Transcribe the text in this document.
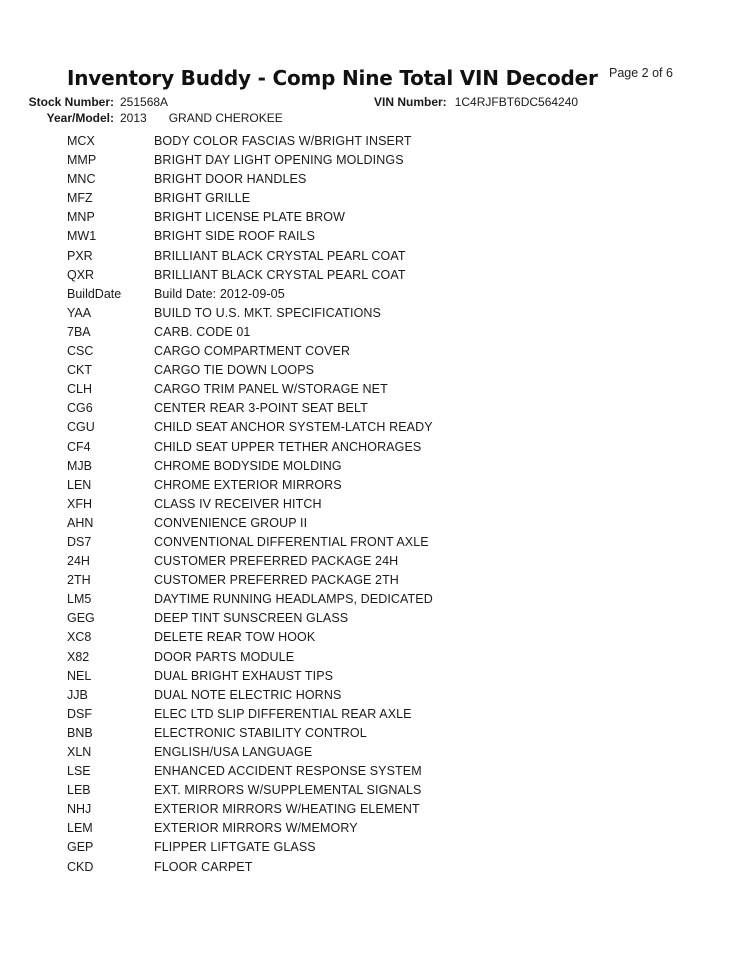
Inventory Buddy - Comp Nine Total VIN Decoder Page 2 of 6
Stock Number: 251568A	VIN Number: 1C4RJFBT6DC564240
Year/Model: 2013 GRAND CHEROKEE
MCX	BODY COLOR FASCIAS W/BRIGHT INSERT
MMP	BRIGHT DAY LIGHT OPENING MOLDINGS
MNC	BRIGHT DOOR HANDLES
MFZ	BRIGHT GRILLE
MNP	BRIGHT LICENSE PLATE BROW
MW1	BRIGHT SIDE ROOF RAILS
PXR	BRILLIANT BLACK CRYSTAL PEARL COAT
QXR	BRILLIANT BLACK CRYSTAL PEARL COAT
BuildDate	Build Date: 2012-09-05
YAA	BUILD TO U.S. MKT. SPECIFICATIONS
7BA	CARB. CODE 01
CSC	CARGO COMPARTMENT COVER
CKT	CARGO TIE DOWN LOOPS
CLH	CARGO TRIM PANEL W/STORAGE NET
CG6	CENTER REAR 3-POINT SEAT BELT
CGU	CHILD SEAT ANCHOR SYSTEM-LATCH READY
CF4	CHILD SEAT UPPER TETHER ANCHORAGES
MJB	CHROME BODYSIDE MOLDING
LEN	CHROME EXTERIOR MIRRORS
XFH	CLASS IV RECEIVER HITCH
AHN	CONVENIENCE GROUP II
DS7	CONVENTIONAL DIFFERENTIAL FRONT AXLE
24H	CUSTOMER PREFERRED PACKAGE 24H
2TH	CUSTOMER PREFERRED PACKAGE 2TH
LM5	DAYTIME RUNNING HEADLAMPS, DEDICATED
GEG	DEEP TINT SUNSCREEN GLASS
XC8	DELETE REAR TOW HOOK
X82	DOOR PARTS MODULE
NEL	DUAL BRIGHT EXHAUST TIPS
JJB	DUAL NOTE ELECTRIC HORNS
DSF	ELEC LTD SLIP DIFFERENTIAL REAR AXLE
BNB	ELECTRONIC STABILITY CONTROL
XLN	ENGLISH/USA LANGUAGE
LSE	ENHANCED ACCIDENT RESPONSE SYSTEM
LEB	EXT. MIRRORS W/SUPPLEMENTAL SIGNALS
NHJ	EXTERIOR MIRRORS W/HEATING ELEMENT
LEM	EXTERIOR MIRRORS W/MEMORY
GEP	FLIPPER LIFTGATE GLASS
CKD	FLOOR CARPET
